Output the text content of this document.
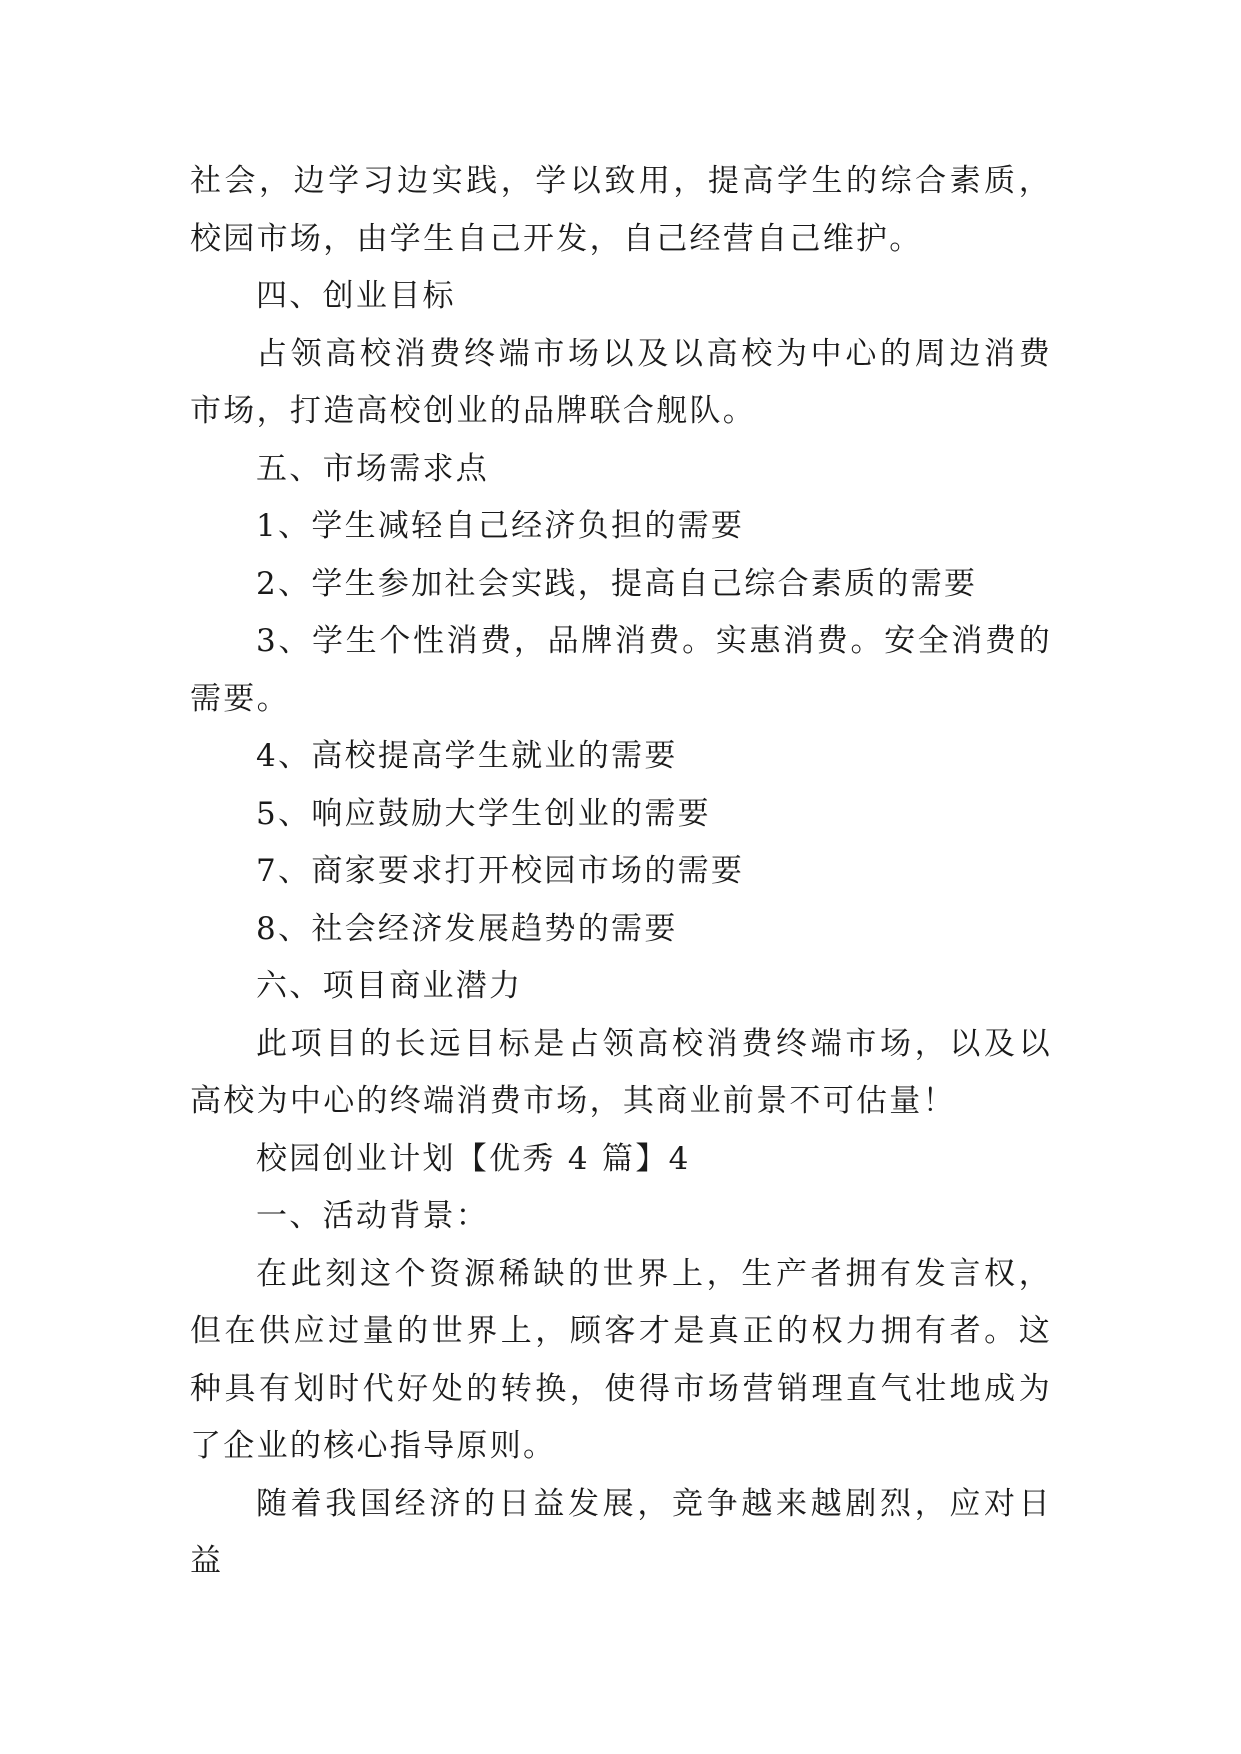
社会，边学习边实践，学以致用，提高学生的综合素质，校园市场，由学生自己开发，自己经营自己维护。

四、创业目标

占领高校消费终端市场以及以高校为中心的周边消费市场，打造高校创业的品牌联合舰队。

五、市场需求点

1、学生减轻自己经济负担的需要

2、学生参加社会实践，提高自己综合素质的需要

3、学生个性消费，品牌消费。实惠消费。安全消费的需要。

4、高校提高学生就业的需要

5、响应鼓励大学生创业的需要

7、商家要求打开校园市场的需要

8、社会经济发展趋势的需要

六、项目商业潜力

此项目的长远目标是占领高校消费终端市场，以及以高校为中心的终端消费市场，其商业前景不可估量！

校园创业计划【优秀 4 篇】4

一、活动背景：

在此刻这个资源稀缺的世界上，生产者拥有发言权，但在供应过量的世界上，顾客才是真正的权力拥有者。这种具有划时代好处的转换，使得市场营销理直气壮地成为了企业的核心指导原则。

随着我国经济的日益发展，竞争越来越剧烈，应对日益
